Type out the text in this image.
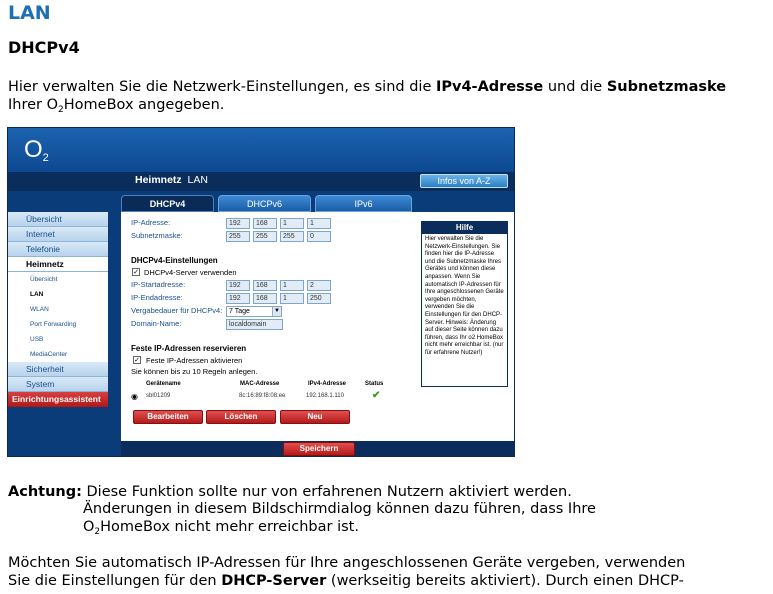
LAN
DHCPv4
Hier verwalten Sie die Netzwerk-Einstellungen, es sind die IPv4-Adresse und die Subnetzmaske
Ihrer $O_2HomeBox$ angegeben.
O2
Heimnetz LAN	Infos von A-Z
DHCPv4	DHCPv6	IPv6
Übersicht
Internet
Telefonie
Heimnetz
Übersicht
LAN
WLAN
Port Forwarding
USB
MediaCenter
Sicherheit
System
Einrichtungsassistent
IP-Adresse:	192	168	1	1
Subnetzmaske:	255	255	255	0
DHCPv4-Einstellungen
✓ DHCPv4-Server verwenden
IP-Startadresse:	192	168	1	2
IP-Endadresse:	192	168	1	250
Vergabedauer für DHCPv4: 7 Tage	▼
Domain-Name:	localdomain
Feste IP-Adressen reservieren
✓ Feste IP-Adressen aktivieren
Sie können bis zu 10 Regeln anlegen.
Gerätename	MAC-Adresse	IPv4-Adresse	Status
◉ sbl01209	8c:16:89:f8:08:ee	192.168.1.110	✔
Bearbeiten	Löschen	Neu
Speichern
Hilfe
Hier verwalten Sie die Netzwerk-Einstellungen. Sie finden hier die IP-Adresse und die Subnetzmaske Ihres Gerätes und können diese anpassen. Wenn Sie automatisch IP-Adressen für Ihre angeschlossenen Geräte vergeben möchten, verwenden Sie die Einstellungen für den DHCP-Server. Hinweis: Änderung auf dieser Seite können dazu führen, dass Ihr o2 HomeBox nicht mehr erreichbar ist. (nur für erfahrene Nutzer!)
Achtung: Diese Funktion sollte nur von erfahrenen Nutzern aktiviert werden.
Änderungen in diesem Bildschirmdialog können dazu führen, dass Ihre
$O_2HomeBox$ nicht mehr erreichbar ist.
Möchten Sie automatisch IP-Adressen für Ihre angeschlossenen Geräte vergeben, verwenden
Sie die Einstellungen für den DHCP-Server (werkseitig bereits aktiviert). Durch einen DHCP-
